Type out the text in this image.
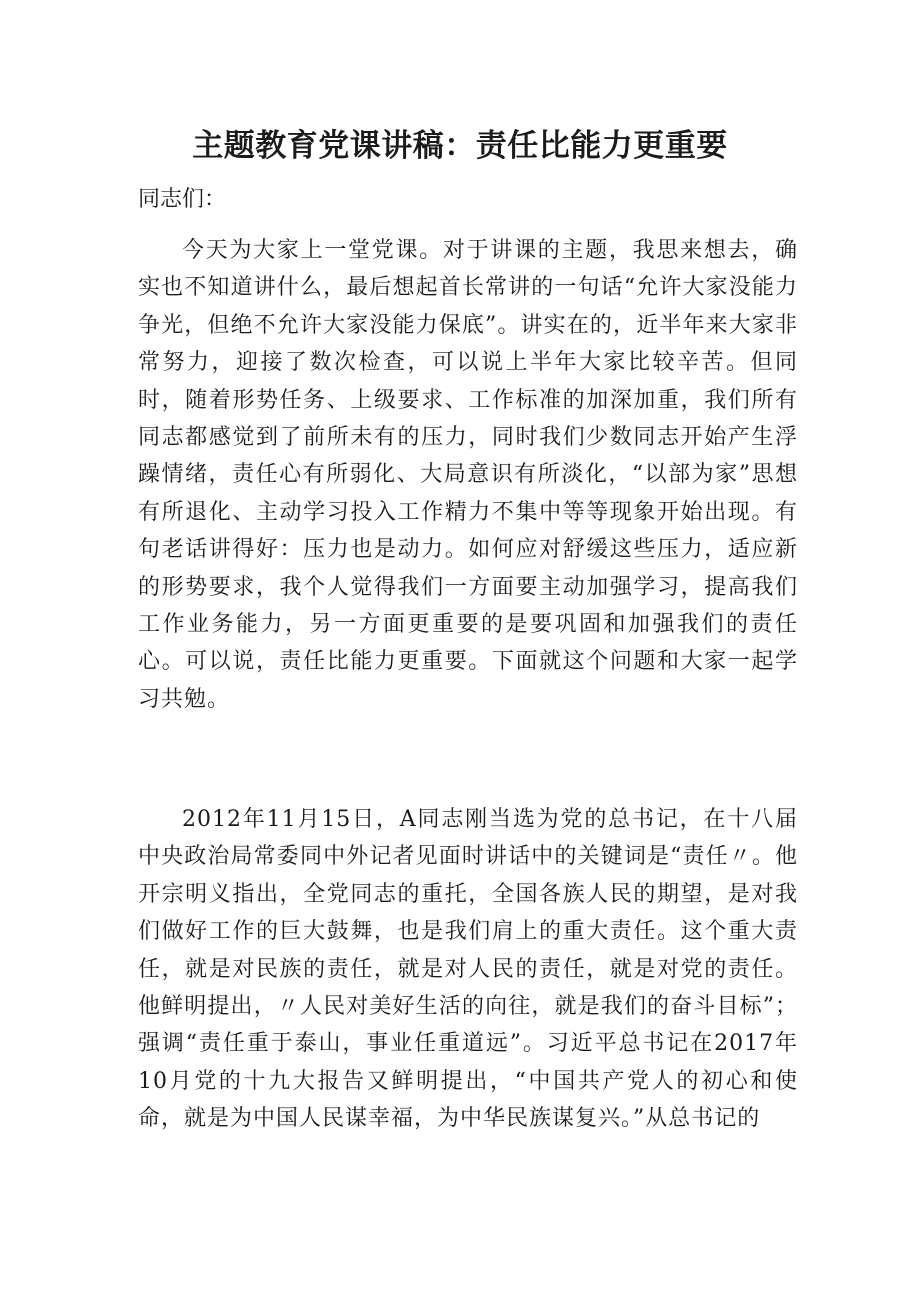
主题教育党课讲稿：责任比能力更重要

同志们：

今天为大家上一堂党课。对于讲课的主题，我思来想去，确实也不知道讲什么，最后想起首长常讲的一句话“允许大家没能力争光，但绝不允许大家没能力保底”。讲实在的，近半年来大家非常努力，迎接了数次检查，可以说上半年大家比较辛苦。但同时，随着形势任务、上级要求、工作标准的加深加重，我们所有同志都感觉到了前所未有的压力，同时我们少数同志开始产生浮躁情绪，责任心有所弱化、大局意识有所淡化，“以部为家”思想有所退化、主动学习投入工作精力不集中等等现象开始出现。有句老话讲得好：压力也是动力。如何应对舒缓这些压力，适应新的形势要求，我个人觉得我们一方面要主动加强学习，提高我们工作业务能力，另一方面更重要的是要巩固和加强我们的责任心。可以说，责任比能力更重要。下面就这个问题和大家一起学习共勉。

2012年11月15日，A同志刚当选为党的总书记，在十八届中央政治局常委同中外记者见面时讲话中的关键词是“责任〃。他开宗明义指出，全党同志的重托，全国各族人民的期望，是对我们做好工作的巨大鼓舞，也是我们肩上的重大责任。这个重大责任，就是对民族的责任，就是对人民的责任，就是对党的责任。他鲜明提出，〃人民对美好生活的向往，就是我们的奋斗目标”；强调“责任重于泰山，事业任重道远”。习近平总书记在2017年10月党的十九大报告又鲜明提出，“中国共产党人的初心和使命，就是为中国人民谋幸福，为中华民族谋复兴。”从总书记的
